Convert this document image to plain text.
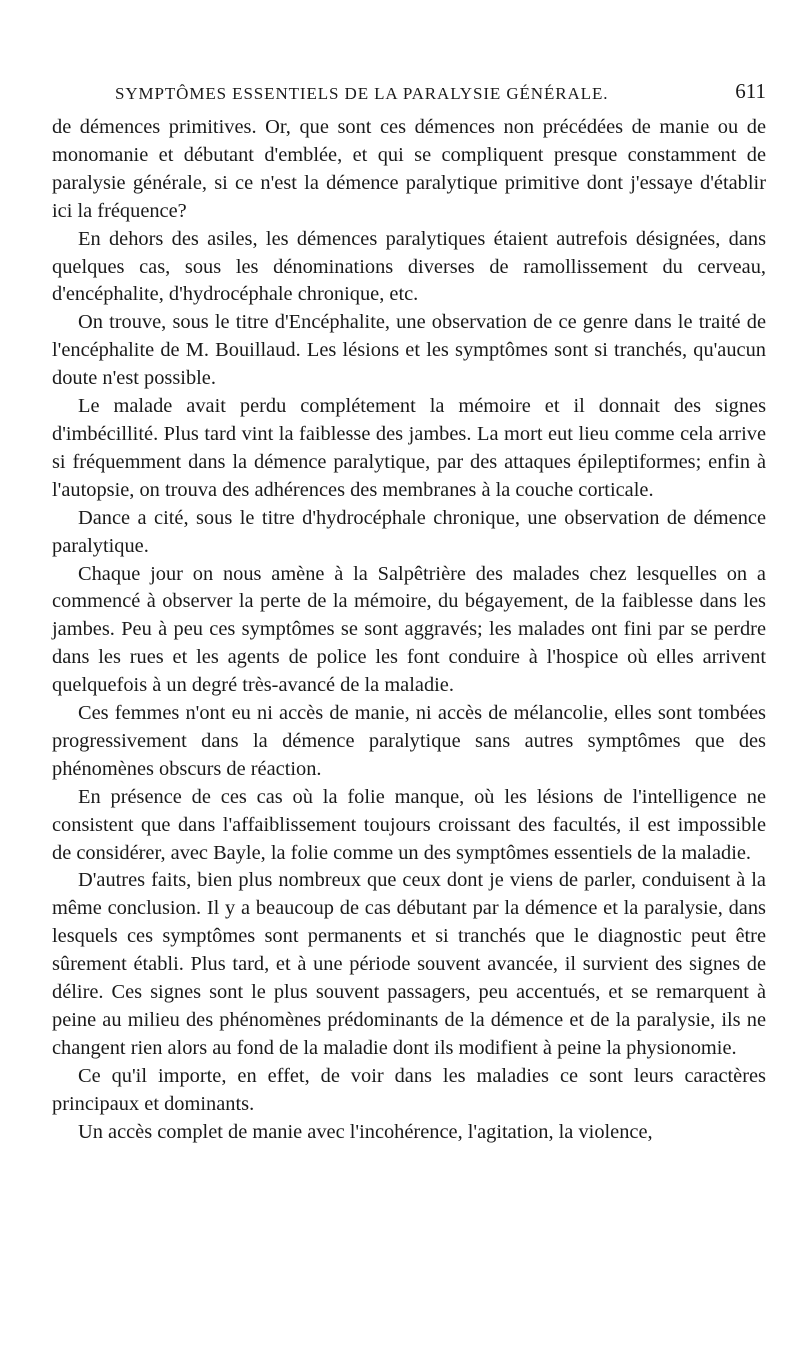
SYMPTÔMES ESSENTIELS DE LA PARALYSIE GÉNÉRALE.	611

de démences primitives. Or, que sont ces démences non précédées de manie ou de monomanie et débutant d'emblée, et qui se compliquent presque constamment de paralysie générale, si ce n'est la démence paralytique primitive dont j'essaye d'établir ici la fréquence?

En dehors des asiles, les démences paralytiques étaient autrefois désignées, dans quelques cas, sous les dénominations diverses de ramollissement du cerveau, d'encéphalite, d'hydrocéphale chronique, etc.

On trouve, sous le titre d'Encéphalite, une observation de ce genre dans le traité de l'encéphalite de M. Bouillaud. Les lésions et les symptômes sont si tranchés, qu'aucun doute n'est possible.

Le malade avait perdu complétement la mémoire et il donnait des signes d'imbécillité. Plus tard vint la faiblesse des jambes. La mort eut lieu comme cela arrive si fréquemment dans la démence paralytique, par des attaques épileptiformes; enfin à l'autopsie, on trouva des adhérences des membranes à la couche corticale.

Dance a cité, sous le titre d'hydrocéphale chronique, une observation de démence paralytique.

Chaque jour on nous amène à la Salpêtrière des malades chez lesquelles on a commencé à observer la perte de la mémoire, du bégayement, de la faiblesse dans les jambes. Peu à peu ces symptômes se sont aggravés; les malades ont fini par se perdre dans les rues et les agents de police les font conduire à l'hospice où elles arrivent quelquefois à un degré très-avancé de la maladie.

Ces femmes n'ont eu ni accès de manie, ni accès de mélancolie, elles sont tombées progressivement dans la démence paralytique sans autres symptômes que des phénomènes obscurs de réaction.

En présence de ces cas où la folie manque, où les lésions de l'intelligence ne consistent que dans l'affaiblissement toujours croissant des facultés, il est impossible de considérer, avec Bayle, la folie comme un des symptômes essentiels de la maladie.

D'autres faits, bien plus nombreux que ceux dont je viens de parler, conduisent à la même conclusion. Il y a beaucoup de cas débutant par la démence et la paralysie, dans lesquels ces symptômes sont permanents et si tranchés que le diagnostic peut être sûrement établi. Plus tard, et à une période souvent avancée, il survient des signes de délire. Ces signes sont le plus souvent passagers, peu accentués, et se remarquent à peine au milieu des phénomènes prédominants de la démence et de la paralysie, ils ne changent rien alors au fond de la maladie dont ils modifient à peine la physionomie.

Ce qu'il importe, en effet, de voir dans les maladies ce sont leurs caractères principaux et dominants.

Un accès complet de manie avec l'incohérence, l'agitation, la violence,
